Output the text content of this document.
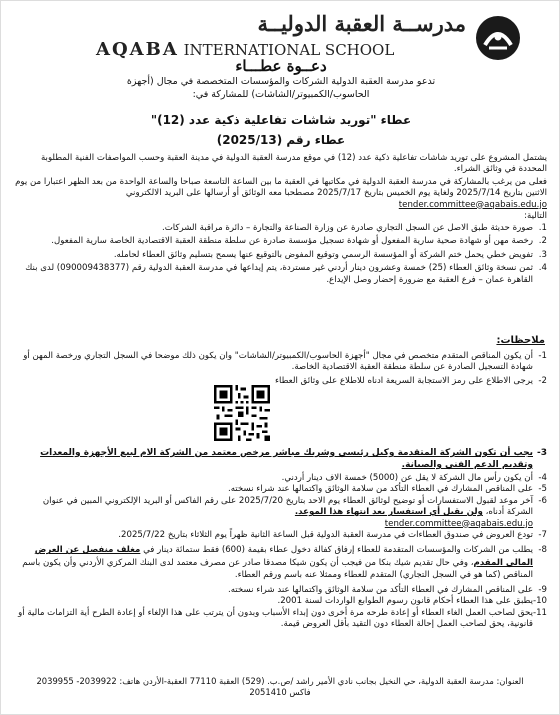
مدرســة العقبة الدوليــة
AQABA INTERNATIONAL SCHOOL
دعــوة عطـــاء
تدعو مدرسة العقبة الدولية الشركات والمؤسسات المتخصصة في مجال (أجهزة الحاسوب/الكمبيوتر/الشاشات) للمشاركة في:
عطاء "توريد شاشات تفاعلية ذكية عدد (12)"
عطاء رقم (2025/13)
يشتمل المشروع على توريد شاشات تفاعلية ذكية عدد (12) في موقع مدرسة العقبة الدولية في مدينة العقبة وحسب المواصفات الفنية المطلوبة المحددة في وثائق الشراء.
فعلى من يرغب بالمشاركة في مدرسة العقبة الدولية في مكاتبها في العقبة ما بين الساعة التاسعة صباحا والساعة الواحدة من بعد الظهر اعتبارا من يوم الاثنين بتاريخ 2025/7/14 ولغاية يوم الخميس بتاريخ 2025/7/17 مصطحبا معه الوثائق أو أرسالها على البريد الالكتروني tender.committee@aqabais.edu.jo
التالية:
1.
صورة حديثة طبق الاصل عن السجل التجاري صادرة عن وزارة الصناعة والتجارة – دائرة مراقبة الشركات.
2.
رخصة مهن أو شهادة صحية سارية المفعول أو شهادة تسجيل مؤسسة صادرة عن سلطة منطقة العقبة الاقتصادية الخاصة سارية المفعول.
3.
تفويض خطي يحمل ختم الشركة أو المؤسسة الرسمي وتوقيع المفوض بالتوقيع عنها يسمح بتسليم وثائق العطاء لحامله.
4.
ثمن نسخة وثائق العطاء (25) خمسة وعشرون دينار أردني غير مستردة، يتم إيداعها في مدرسة العقبة الدولية رقم (090009438377) لدى بنك القاهرة عمان – فرع العقبة مع ضرورة إحضار وصل الإيداع.
ملاحظات:
1-
أن يكون المناقص المتقدم متخصص في مجال "أجهزة الحاسوب/الكمبيوتر/الشاشات" وان يكون ذلك موضحا في السجل التجاري ورخصة المهن أو شهادة التسجيل الصادرة عن سلطة منطقة العقبة الاقتصادية الخاصة.
2-
يرجى الاطلاع على رمز الاستجابة السريعة ادناه للاطلاع على وثائق العطاء
3-
يجب أن تكون الشركة المتقدمة وكيل رئيسي وشريك مباشر مرخص معتمد من الشركة الام لبيع الأجهزة والمعدات وتقديم الدعم الفني والصيانة.
4-
أن يكون رأس مال الشركة لا يقل عن (5000) خمسة الاف دينار أردني.
5-
على المناقص المشارك في العطاء التأكد من سلامة الوثائق واكتمالها عند شراء نسخته.
6-
آخر موعد لقبول الاستفسارات أو توضيح لوثائق العطاء يوم الاحد بتاريخ 2025/7/20 على رقم الفاكس أو البريد الإلكتروني المبين في عنوان الشركة أدناه، ولن يقبل أي استفسار بعد انتهاء هذا الموعد.
tender.committee@aqabais.edu.jo
7-
تودع العروض في صندوق العطاءات في مدرسة العقبة الدولية قبل الساعة الثانية ظهراً يوم الثلاثاء بتاريخ 2025/7/22.
8-
يطلب من الشركات والمؤسسات المتقدمة للعطاء إرفاق كفالة دخول عطاء بقيمة (600) فقط ستمائة دينار في مغلف منفصل عن العرض المالي المقدم، وفي حال تقديم شيك بنكا من فيجب أن يكون شيكا مصدقا صادر عن مصرف معتمد لدى البنك المركزي الأردني وأن يكون باسم المناقص (كما هو في السجل التجاري) المتقدم للعطاء وممثلا عنه باسم ورقم العطاء.
9-
على المناقص المشارك في العطاء التأكد من سلامة الوثائق واكتمالها عند شراء نسخته.
10-
يطبق على هذا العطاء أحكام قانون رسوم الطوابع الواردات لسنة 2001.
11-
يحق لصاحب العمل الغاء العطاء أو إعادة طرحه مرة أخرى دون إبداء الأسباب وبدون أن يترتب على هذا الإلغاء أو إعادة الطرح أية التزامات مالية أو قانونية، يحق لصاحب العمل إحالة العطاء دون التقيد بأقل العروض قيمة.
العنوان: مدرسة العقبة الدولية، حي النخيل بجانب نادي الأمير راشد /ص.ب. (529) العقبة 77110 العقبة-الأردن هاتف: 2039922- 2039955 فاكس 2051410
